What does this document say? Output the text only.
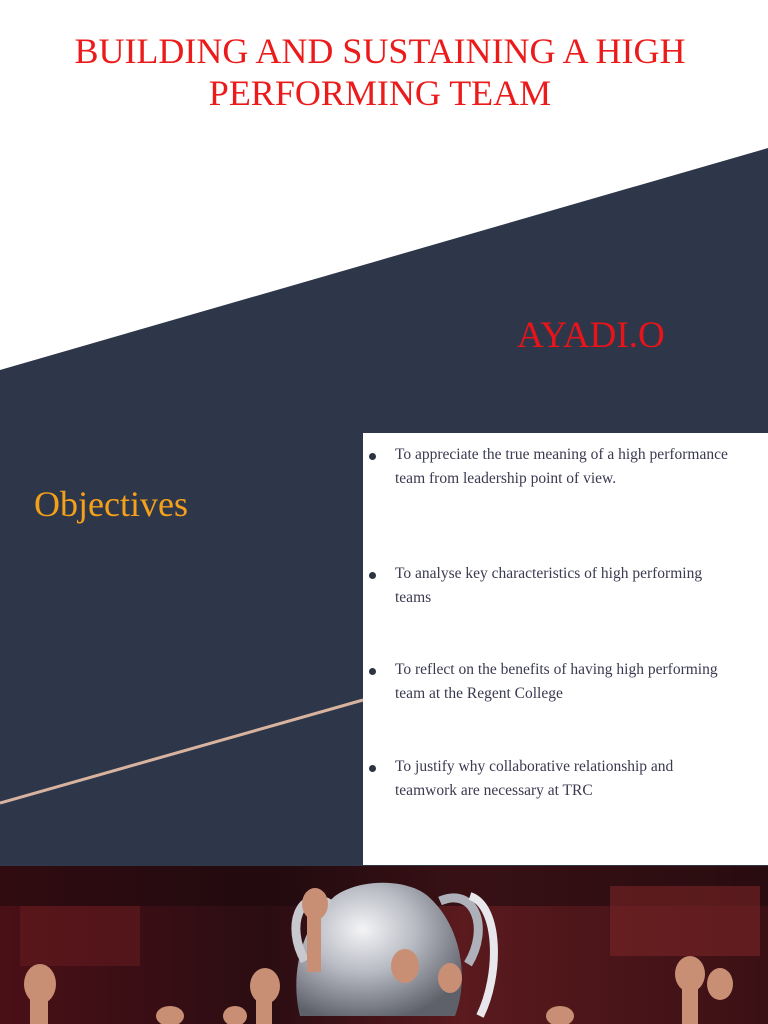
BUILDING AND SUSTAINING A HIGH PERFORMING TEAM
AYADI.O
Objectives
To appreciate the true meaning of a high performance team from leadership point of view.
To analyse key characteristics of high performing teams
To reflect on the benefits of having high performing team at the Regent College
To justify why collaborative relationship and teamwork are necessary at TRC
